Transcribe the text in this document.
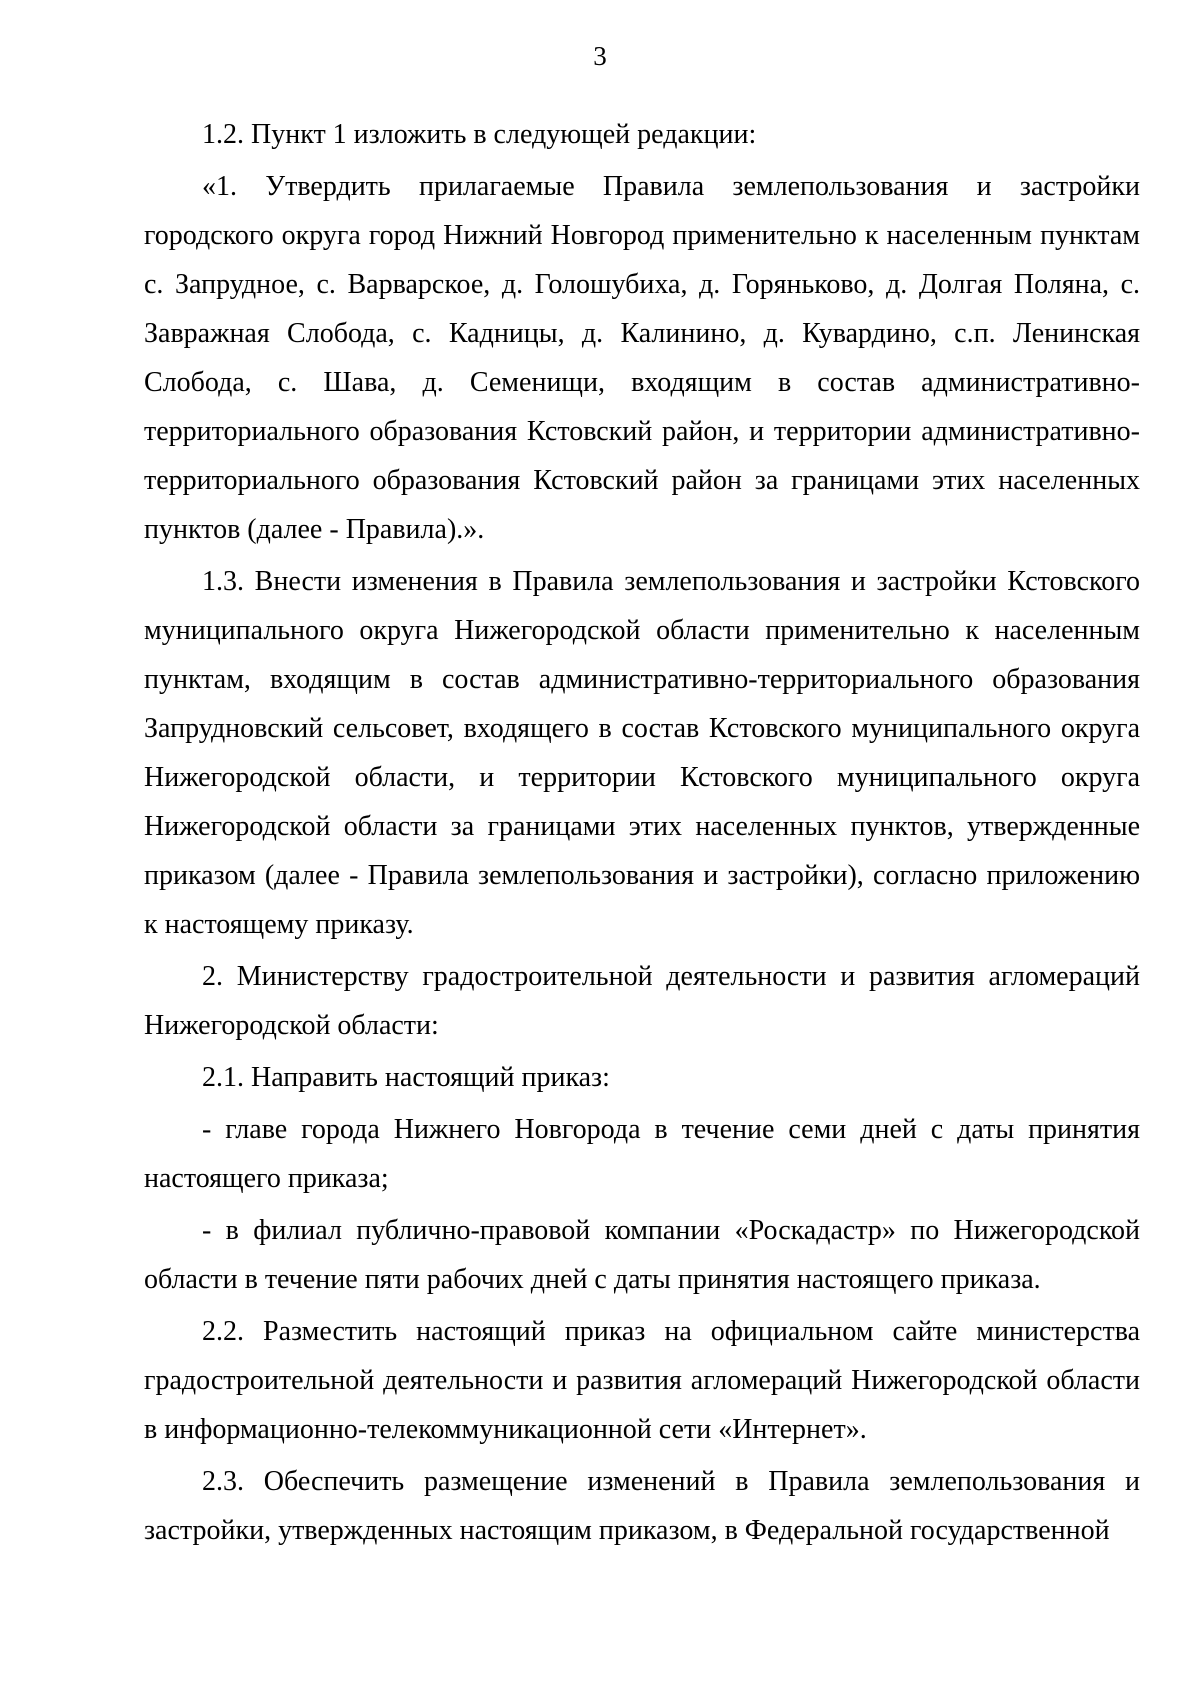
3

1.2. Пункт 1 изложить в следующей редакции:

«1. Утвердить прилагаемые Правила землепользования и застройки городского округа город Нижний Новгород применительно к населенным пунктам с. Запрудное, с. Варварское, д. Голошубиха, д. Горяньково, д. Долгая Поляна, с. Завражная Слобода, с. Кадницы, д. Калинино, д. Кувардино, с.п. Ленинская Слобода, с. Шава, д. Семенищи, входящим в состав административно-территориального образования Кстовский район, и территории административно-территориального образования Кстовский район за границами этих населенных пунктов (далее - Правила).».

1.3. Внести изменения в Правила землепользования и застройки Кстовского муниципального округа Нижегородской области применительно к населенным пунктам, входящим в состав административно-территориального образования Запрудновский сельсовет, входящего в состав Кстовского муниципального округа Нижегородской области, и территории Кстовского муниципального округа Нижегородской области за границами этих населенных пунктов, утвержденные приказом (далее - Правила землепользования и застройки), согласно приложению к настоящему приказу.

2. Министерству градостроительной деятельности и развития агломераций Нижегородской области:

2.1. Направить настоящий приказ:

- главе города Нижнего Новгорода в течение семи дней с даты принятия настоящего приказа;

- в филиал публично-правовой компании «Роскадастр» по Нижегородской области в течение пяти рабочих дней с даты принятия настоящего приказа.

2.2. Разместить настоящий приказ на официальном сайте министерства градостроительной деятельности и развития агломераций Нижегородской области в информационно-телекоммуникационной сети «Интернет».

2.3. Обеспечить размещение изменений в Правила землепользования и застройки, утвержденных настоящим приказом, в Федеральной государственной
